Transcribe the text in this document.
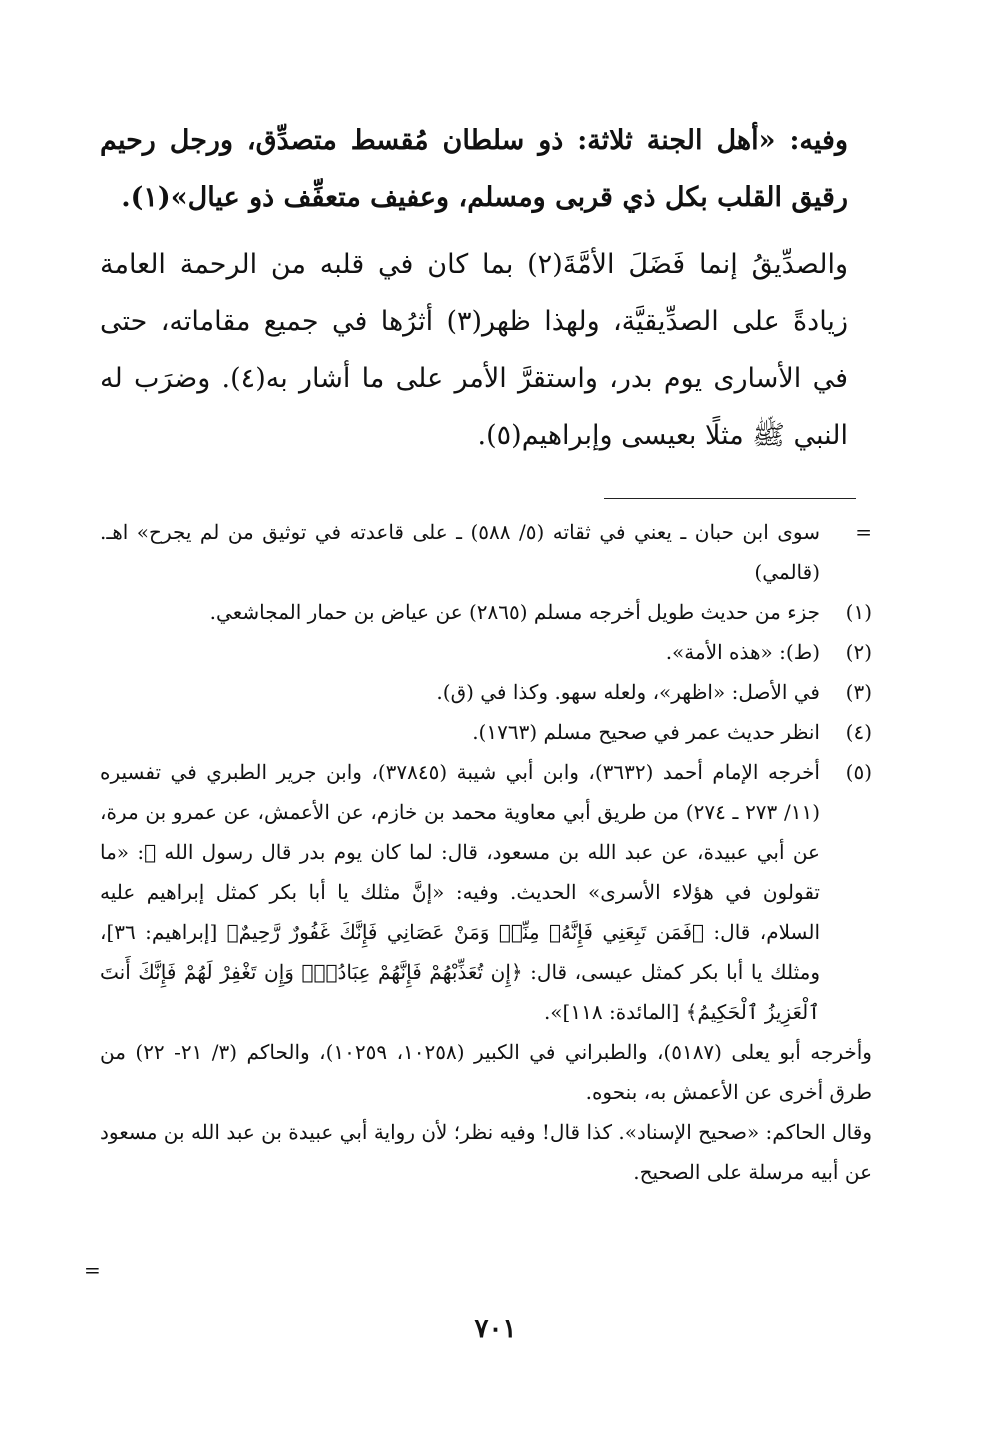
وفيه: «أهل الجنة ثلاثة: ذو سلطان مُقسط متصدِّق، ورجل رحيم رقيق القلب بكل ذي قربى ومسلم، وعفيف متعفِّف ذو عيال»(١).

والصدِّيقُ إنما فَضَلَ الأمَّةَ(٢) بما كان في قلبه من الرحمة العامة زيادةً على الصدِّيقيَّة، ولهذا ظهر(٣) أثرُها في جميع مقاماته، حتى في الأسارى يوم بدر، واستقرَّ الأمر على ما أشار به(٤). وضرَب له النبي ﷺ مثلًا بعيسى وإبراهيم(٥).

=

سوى ابن حبان ـ يعني في ثقاته (٥/ ٥٨٨) ـ على قاعدته في توثيق من لم يجرح» اهـ. (قالمي)

(١)

جزء من حديث طويل أخرجه مسلم (٢٨٦٥) عن عياض بن حمار المجاشعي.

(٢)

(ط): «هذه الأمة».

(٣)

في الأصل: «اظهر»، ولعله سهو. وكذا في (ق).

(٤)

انظر حديث عمر في صحيح مسلم (١٧٦٣).

(٥)

أخرجه الإمام أحمد (٣٦٣٢)، وابن أبي شيبة (٣٧٨٤٥)، وابن جرير الطبري في تفسيره (١١/ ٢٧٣ ـ ٢٧٤) من طريق أبي معاوية محمد بن خازم، عن الأعمش، عن عمرو بن مرة، عن أبي عبيدة، عن عبد الله بن مسعود، قال: لما كان يوم بدر قال رسول الله ﷺ: «ما تقولون في هؤلاء الأسرى» الحديث. وفيه: «إنَّ مثلك يا أبا بكر كمثل إبراهيم عليه السلام، قال: ﴿فَمَن تَبِعَنِي فَإِنَّهُۥ مِنِّيۖ وَمَنْ عَصَانِي فَإِنَّكَ غَفُورٌ رَّحِيمٌ﴾ [إبراهيم: ٣٦]، ومثلك يا أبا بكر كمثل عيسى، قال: ﴿إِن تُعَذِّبْهُمْ فَإِنَّهُمْ عِبَادُكَۖ وَإِن تَغْفِرْ لَهُمْ فَإِنَّكَ أَنتَ ٱلْعَزِيزُ ٱلْحَكِيمُ﴾ [المائدة: ١١٨]».

وأخرجه أبو يعلى (٥١٨٧)، والطبراني في الكبير (١٠٢٥٨، ١٠٢٥٩)، والحاكم (٣/ ٢١- ٢٢) من طرق أخرى عن الأعمش به، بنحوه.

وقال الحاكم: «صحيح الإسناد». كذا قال! وفيه نظر؛ لأن رواية أبي عبيدة بن عبد الله بن مسعود عن أبيه مرسلة على الصحيح.

=
٧٠١
